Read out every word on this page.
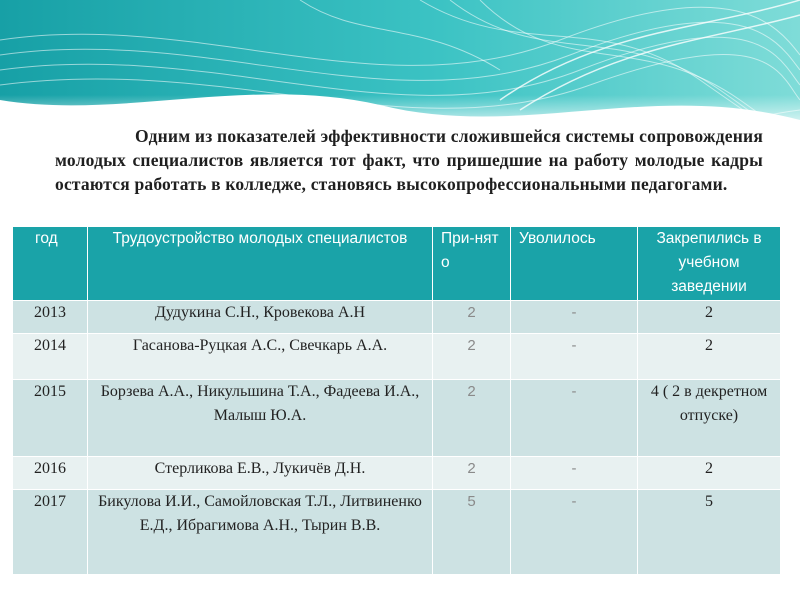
Одним из показателей эффективности сложившейся системы сопровождения молодых специалистов является тот факт, что пришедшие на работу молодые кадры остаются работать в колледже, становясь высокопрофессиональными педагогами.

год	Трудоустройство молодых специалистов	При-нято	Уволилось	Закрепились в учебном заведении
2013	Дудукина С.Н., Кровекова А.Н	2	-	2
2014	Гасанова-Руцкая А.С., Свечкарь А.А.	2	-	2
2015	Борзева А.А., Никульшина Т.А., Фадеева И.А., Малыш Ю.А.	2	-	4 ( 2 в декретном отпуске)
2016	Стерликова Е.В., Лукичёв Д.Н.	2	-	2
2017	Бикулова И.И., Самойловская Т.Л., Литвиненко Е.Д., Ибрагимова А.Н., Тырин В.В.	5	-	5
